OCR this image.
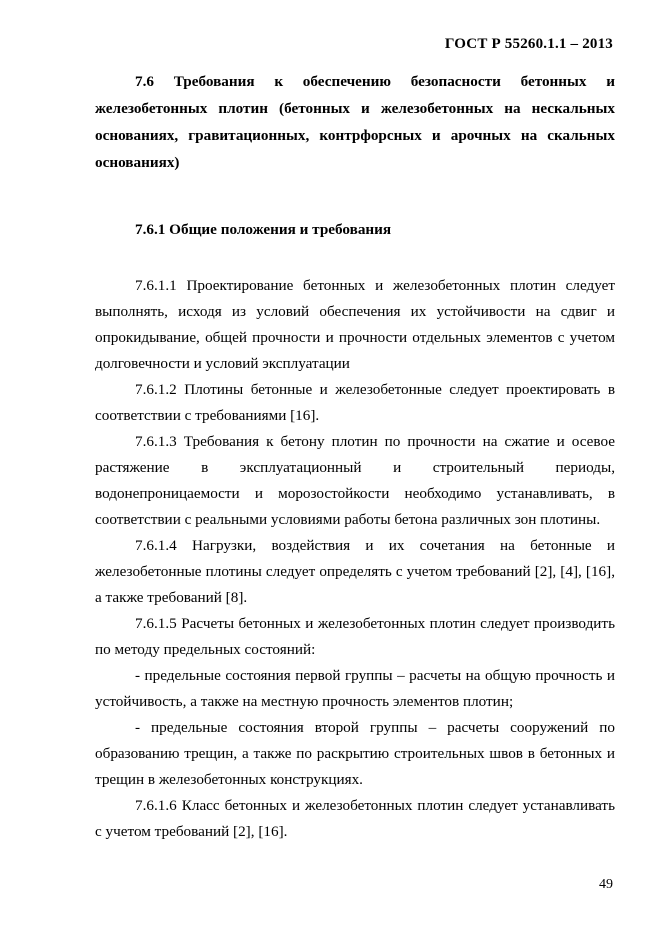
ГОСТ Р 55260.1.1 – 2013

7.6 Требования к обеспечению безопасности бетонных и
железобетонных плотин (бетонных и железобетонных на нескальных основаниях, гравитационных, контрфорсных и арочных на скальных основаниях)

7.6.1 Общие положения и требования

7.6.1.1 Проектирование бетонных и железобетонных плотин следует выполнять, исходя из условий обеспечения их устойчивости на сдвиг и опрокидывание, общей прочности и прочности отдельных элементов с учетом долговечности и условий эксплуатации

7.6.1.2 Плотины бетонные и железобетонные следует проектировать в соответствии с требованиями [16].

7.6.1.3 Требования к бетону плотин по прочности на сжатие и осевое растяжение в эксплуатационный и строительный периоды, водонепроницаемости и морозостойкости необходимо устанавливать, в соответствии с реальными условиями работы бетона различных зон плотины.

7.6.1.4 Нагрузки, воздействия и их сочетания на бетонные и железобетонные плотины следует определять с учетом требований [2], [4], [16], а также требований [8].

7.6.1.5 Расчеты бетонных и железобетонных плотин следует производить по методу предельных состояний:

- предельные состояния первой группы – расчеты на общую прочность и устойчивость, а также на местную прочность элементов плотин;

- предельные состояния второй группы – расчеты сооружений по образованию трещин, а также по раскрытию строительных швов в бетонных и трещин в железобетонных конструкциях.

7.6.1.6 Класс бетонных и железобетонных плотин следует устанавливать с учетом требований [2], [16].

49
